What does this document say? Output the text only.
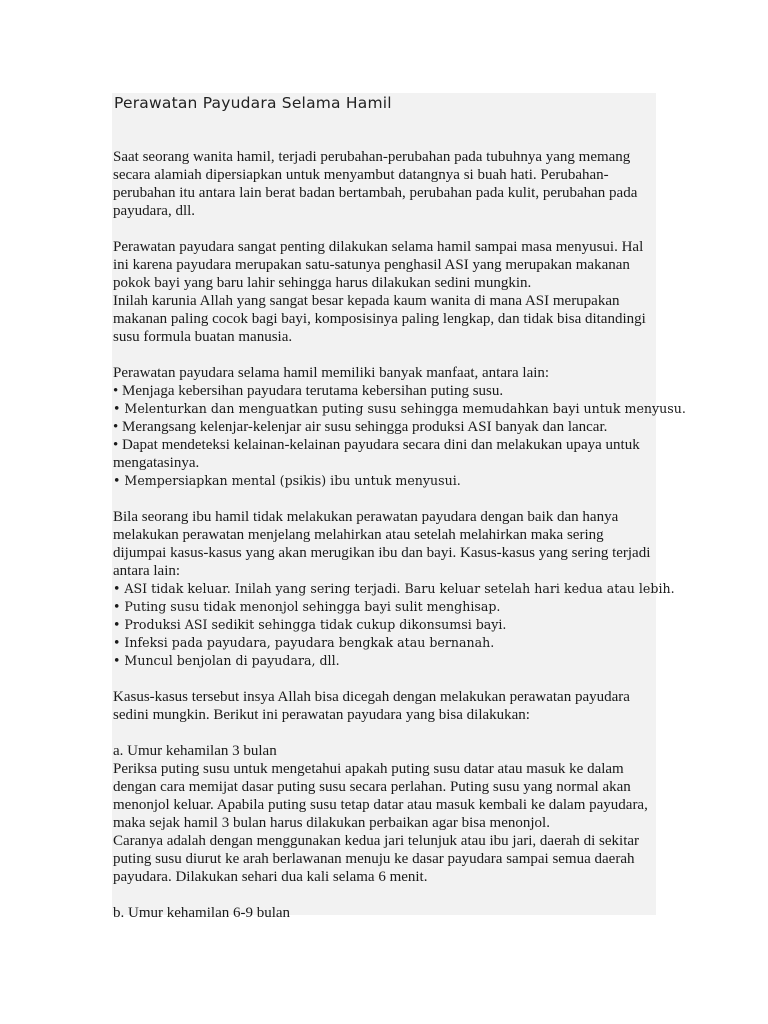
Perawatan Payudara Selama Hamil

Saat seorang wanita hamil, terjadi perubahan-perubahan pada tubuhnya yang memang
secara alamiah dipersiapkan untuk menyambut datangnya si buah hati. Perubahan-
perubahan itu antara lain berat badan bertambah, perubahan pada kulit, perubahan pada
payudara, dll.

Perawatan payudara sangat penting dilakukan selama hamil sampai masa menyusui. Hal
ini karena payudara merupakan satu-satunya penghasil ASI yang merupakan makanan
pokok bayi yang baru lahir sehingga harus dilakukan sedini mungkin.
Inilah karunia Allah yang sangat besar kepada kaum wanita di mana ASI merupakan
makanan paling cocok bagi bayi, komposisinya paling lengkap, dan tidak bisa ditandingi
susu formula buatan manusia.

Perawatan payudara selama hamil memiliki banyak manfaat, antara lain:
• Menjaga kebersihan payudara terutama kebersihan puting susu.
• Melenturkan dan menguatkan puting susu sehingga memudahkan bayi untuk menyusu.
• Merangsang kelenjar-kelenjar air susu sehingga produksi ASI banyak dan lancar.
• Dapat mendeteksi kelainan-kelainan payudara secara dini dan melakukan upaya untuk
mengatasinya.
• Mempersiapkan mental (psikis) ibu untuk menyusui.

Bila seorang ibu hamil tidak melakukan perawatan payudara dengan baik dan hanya
melakukan perawatan menjelang melahirkan atau setelah melahirkan maka sering
dijumpai kasus-kasus yang akan merugikan ibu dan bayi. Kasus-kasus yang sering terjadi
antara lain:
• ASI tidak keluar. Inilah yang sering terjadi. Baru keluar setelah hari kedua atau lebih.
• Puting susu tidak menonjol sehingga bayi sulit menghisap.
• Produksi ASI sedikit sehingga tidak cukup dikonsumsi bayi.
• Infeksi pada payudara, payudara bengkak atau bernanah.
• Muncul benjolan di payudara, dll.

Kasus-kasus tersebut insya Allah bisa dicegah dengan melakukan perawatan payudara
sedini mungkin. Berikut ini perawatan payudara yang bisa dilakukan:

a. Umur kehamilan 3 bulan
Periksa puting susu untuk mengetahui apakah puting susu datar atau masuk ke dalam
dengan cara memijat dasar puting susu secara perlahan. Puting susu yang normal akan
menonjol keluar. Apabila puting susu tetap datar atau masuk kembali ke dalam payudara,
maka sejak hamil 3 bulan harus dilakukan perbaikan agar bisa menonjol.
Caranya adalah dengan menggunakan kedua jari telunjuk atau ibu jari, daerah di sekitar
puting susu diurut ke arah berlawanan menuju ke dasar payudara sampai semua daerah
payudara. Dilakukan sehari dua kali selama 6 menit.

b. Umur kehamilan 6-9 bulan
